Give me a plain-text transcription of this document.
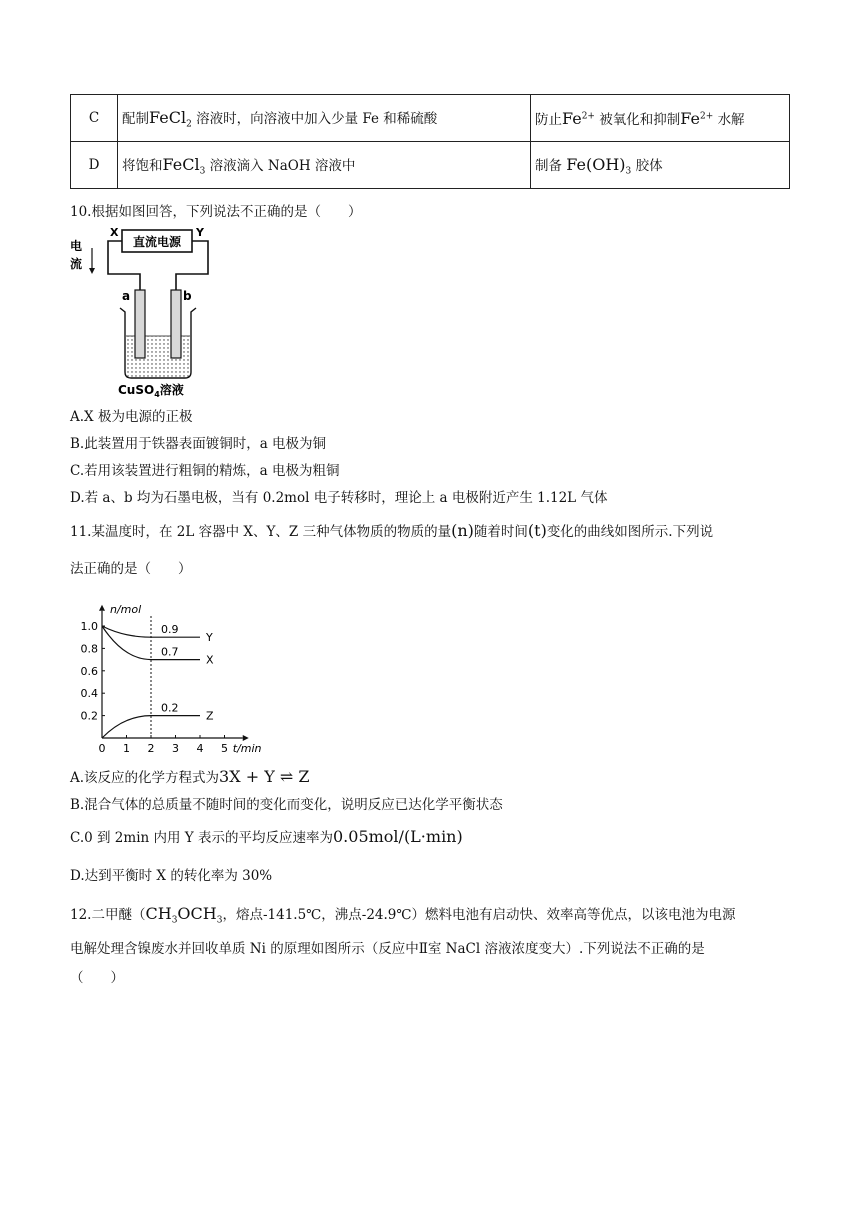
C	配制FeCl$_2$ 溶液时，向溶液中加入少量 Fe 和稀硫酸	防止$Fe^{2+}$ 被氧化和抑制$Fe^{2+}$ 水解
D	将饱和FeCl$_3$ 溶液滴入 NaOH 溶液中	制备 $Fe(OH)_3$ 胶体
10.根据如图回答，下列说法不正确的是（　　）
直流电源
X	Y
电
流
a	b
CuSO$_4$溶液
A.X 极为电源的正极
B.此装置用于铁器表面镀铜时，a 电极为铜
C.若用该装置进行粗铜的精炼，a 电极为粗铜
D.若 a、b 均为石墨电极，当有 0.2mol 电子转移时，理论上 a 电极附近产生 1.12L 气体
11.某温度时，在 2L 容器中 X、Y、Z 三种气体物质的物质的量(n)随着时间(t)变化的曲线如图所示.下列说
法正确的是（　　）
n/mol
t/min
0 1 2 3 4 5
0.2
0.4
0.6
0.8
1.0	0.9
Y
0.7
X
0.2
Z
A.该反应的化学方程式为3X + Y ⇌ Z
B.混合气体的总质量不随时间的变化而变化，说明反应已达化学平衡状态
C.0 到 2min 内用 Y 表示的平均反应速率为0.05mol/(L·min)
D.达到平衡时 X 的转化率为 30%
12.二甲醚（$CH_3OCH_3$，熔点-141.5℃，沸点-24.9℃）燃料电池有启动快、效率高等优点，以该电池为电源
电解处理含镍废水并回收单质 Ni 的原理如图所示（反应中Ⅱ室 NaCl 溶液浓度变大）.下列说法不正确的是
（　　）
